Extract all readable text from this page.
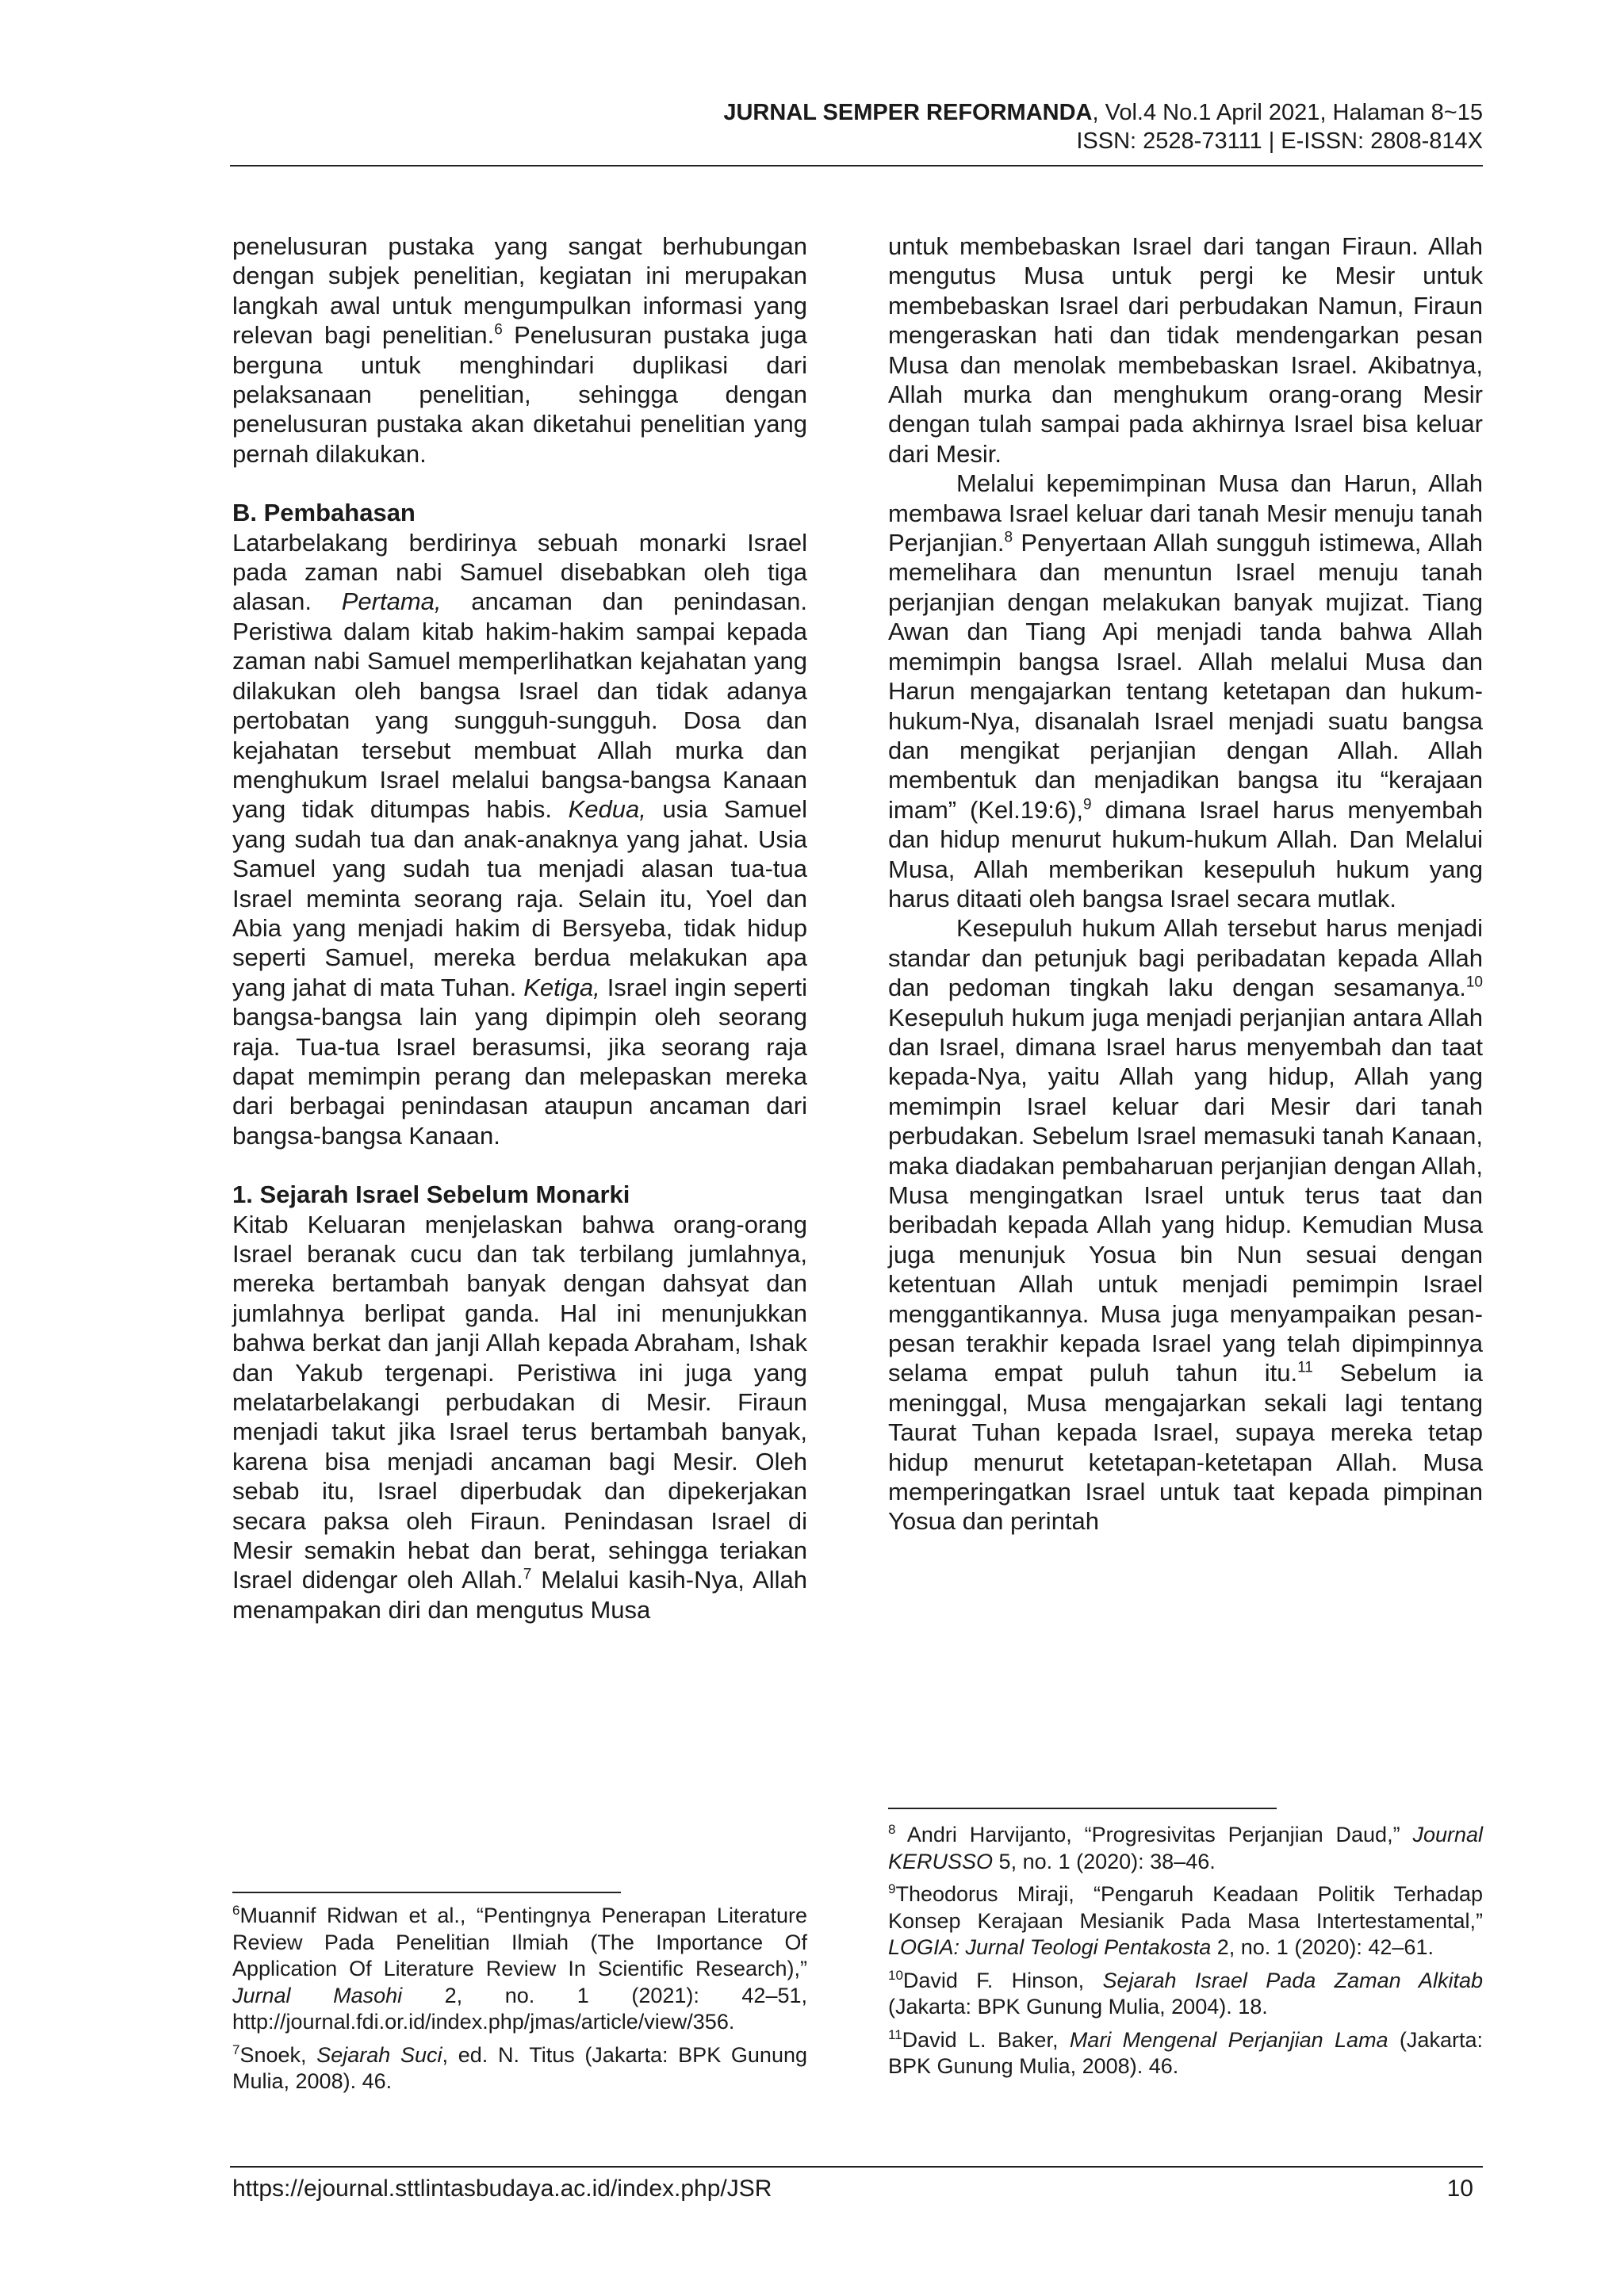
JURNAL SEMPER REFORMANDA, Vol.4 No.1 April 2021, Halaman 8~15
ISSN: 2528-73111 | E-ISSN: 2808-814X

penelusuran pustaka yang sangat berhubungan dengan subjek penelitian, kegiatan ini merupakan langkah awal untuk mengumpulkan informasi yang relevan bagi penelitian.$^6$ Penelusuran pustaka juga berguna untuk menghindari duplikasi dari pelaksanaan penelitian, sehingga dengan penelusuran pustaka akan diketahui penelitian yang pernah dilakukan.

B. Pembahasan

Latarbelakang berdirinya sebuah monarki Israel pada zaman nabi Samuel disebabkan oleh tiga alasan. Pertama, ancaman dan penindasan. Peristiwa dalam kitab hakim-hakim sampai kepada zaman nabi Samuel memperlihatkan kejahatan yang dilakukan oleh bangsa Israel dan tidak adanya pertobatan yang sungguh-sungguh. Dosa dan kejahatan tersebut membuat Allah murka dan menghukum Israel melalui bangsa-bangsa Kanaan yang tidak ditumpas habis. Kedua, usia Samuel yang sudah tua dan anak-anaknya yang jahat. Usia Samuel yang sudah tua menjadi alasan tua-tua Israel meminta seorang raja. Selain itu, Yoel dan Abia yang menjadi hakim di Bersyeba, tidak hidup seperti Samuel, mereka berdua melakukan apa yang jahat di mata Tuhan. Ketiga, Israel ingin seperti bangsa-bangsa lain yang dipimpin oleh seorang raja. Tua-tua Israel berasumsi, jika seorang raja dapat memimpin perang dan melepaskan mereka dari berbagai penindasan ataupun ancaman dari bangsa-bangsa Kanaan.

1. Sejarah Israel Sebelum Monarki

Kitab Keluaran menjelaskan bahwa orang-orang Israel beranak cucu dan tak terbilang jumlahnya, mereka bertambah banyak dengan dahsyat dan jumlahnya berlipat ganda. Hal ini menunjukkan bahwa berkat dan janji Allah kepada Abraham, Ishak dan Yakub tergenapi. Peristiwa ini juga yang melatarbelakangi perbudakan di Mesir. Firaun menjadi takut jika Israel terus bertambah banyak, karena bisa menjadi ancaman bagi Mesir. Oleh sebab itu, Israel diperbudak dan dipekerjakan secara paksa oleh Firaun. Penindasan Israel di Mesir semakin hebat dan berat, sehingga teriakan Israel didengar oleh Allah.$^7$ Melalui kasih-Nya, Allah menampakan diri dan mengutus Musa

untuk membebaskan Israel dari tangan Firaun. Allah mengutus Musa untuk pergi ke Mesir untuk membebaskan Israel dari perbudakan Namun, Firaun mengeraskan hati dan tidak mendengarkan pesan Musa dan menolak membebaskan Israel. Akibatnya, Allah murka dan menghukum orang-orang Mesir dengan tulah sampai pada akhirnya Israel bisa keluar dari Mesir.

Melalui kepemimpinan Musa dan Harun, Allah membawa Israel keluar dari tanah Mesir menuju tanah Perjanjian.$^8$ Penyertaan Allah sungguh istimewa, Allah memelihara dan menuntun Israel menuju tanah perjanjian dengan melakukan banyak mujizat. Tiang Awan dan Tiang Api menjadi tanda bahwa Allah memimpin bangsa Israel. Allah melalui Musa dan Harun mengajarkan tentang ketetapan dan hukum-hukum-Nya, disanalah Israel menjadi suatu bangsa dan mengikat perjanjian dengan Allah. Allah membentuk dan menjadikan bangsa itu “kerajaan imam” (Kel.19:6),$^9$ dimana Israel harus menyembah dan hidup menurut hukum-hukum Allah. Dan Melalui Musa, Allah memberikan kesepuluh hukum yang harus ditaati oleh bangsa Israel secara mutlak.

Kesepuluh hukum Allah tersebut harus menjadi standar dan petunjuk bagi peribadatan kepada Allah dan pedoman tingkah laku dengan sesamanya.$^{10}$ Kesepuluh hukum juga menjadi perjanjian antara Allah dan Israel, dimana Israel harus menyembah dan taat kepada-Nya, yaitu Allah yang hidup, Allah yang memimpin Israel keluar dari Mesir dari tanah perbudakan. Sebelum Israel memasuki tanah Kanaan, maka diadakan pembaharuan perjanjian dengan Allah, Musa mengingatkan Israel untuk terus taat dan beribadah kepada Allah yang hidup. Kemudian Musa juga menunjuk Yosua bin Nun sesuai dengan ketentuan Allah untuk menjadi pemimpin Israel menggantikannya. Musa juga menyampaikan pesan-pesan terakhir kepada Israel yang telah dipimpinnya selama empat puluh tahun itu.$^{11}$ Sebelum ia meninggal, Musa mengajarkan sekali lagi tentang Taurat Tuhan kepada Israel, supaya mereka tetap hidup menurut ketetapan-ketetapan Allah. Musa memperingatkan Israel untuk taat kepada pimpinan Yosua dan perintah

$^6$Muannif Ridwan et al., “Pentingnya Penerapan Literature Review Pada Penelitian Ilmiah (The Importance Of Application Of Literature Review In Scientific Research),” Jurnal Masohi 2, no. 1 (2021): 42–51, http://journal.fdi.or.id/index.php/jmas/article/view/356.

$^7$Snoek, Sejarah Suci, ed. N. Titus (Jakarta: BPK Gunung Mulia, 2008). 46.

$^8$ Andri Harvijanto, “Progresivitas Perjanjian Daud,” Journal KERUSSO 5, no. 1 (2020): 38–46.

$^9$Theodorus Miraji, “Pengaruh Keadaan Politik Terhadap Konsep Kerajaan Mesianik Pada Masa Intertestamental,” LOGIA: Jurnal Teologi Pentakosta 2, no. 1 (2020): 42–61.

$^{10}$David F. Hinson, Sejarah Israel Pada Zaman Alkitab (Jakarta: BPK Gunung Mulia, 2004). 18.

$^{11}$David L. Baker, Mari Mengenal Perjanjian Lama (Jakarta: BPK Gunung Mulia, 2008). 46.

https://ejournal.sttlintasbudaya.ac.id/index.php/JSR	10
